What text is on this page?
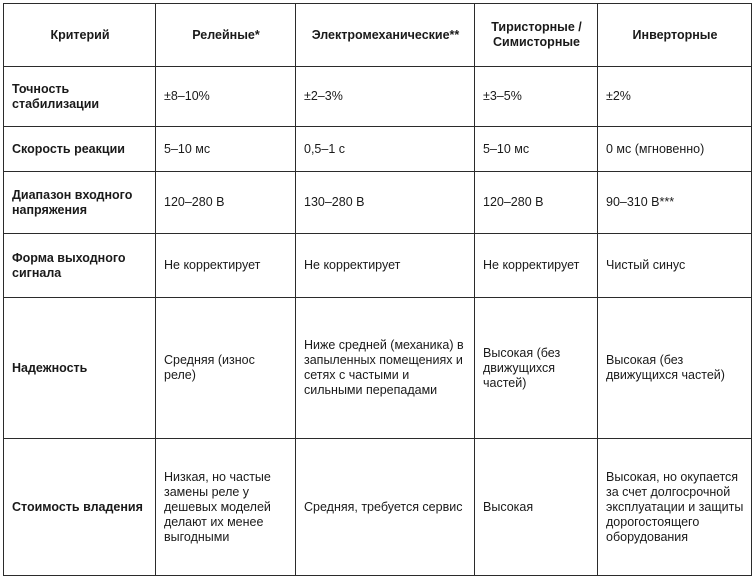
Критерий	Релейные*	Электромеханические**	Тиристорные / Симисторные	Инверторные
Точность стабилизации	±8–10%	±2–3%	±3–5%	±2%
Скорость реакции	5–10 мс	0,5–1 с	5–10 мс	0 мс (мгновенно)
Диапазон входного напряжения	120–280 В	130–280 В	120–280 В	90–310 В***
Форма выходного сигнала	Не корректирует	Не корректирует	Не корректирует	Чистый синус
Надежность	Средняя (износ реле)	Ниже средней (механика) в запыленных помещениях и сетях с частыми и сильными перепадами	Высокая (без движущихся частей)	Высокая (без движущихся частей)
Стоимость владения	Низкая, но частые замены реле у дешевых моделей делают их менее выгодными	Средняя, требуется сервис	Высокая	Высокая, но окупается за счет долгосрочной эксплуатации и защиты дорогостоящего оборудования
